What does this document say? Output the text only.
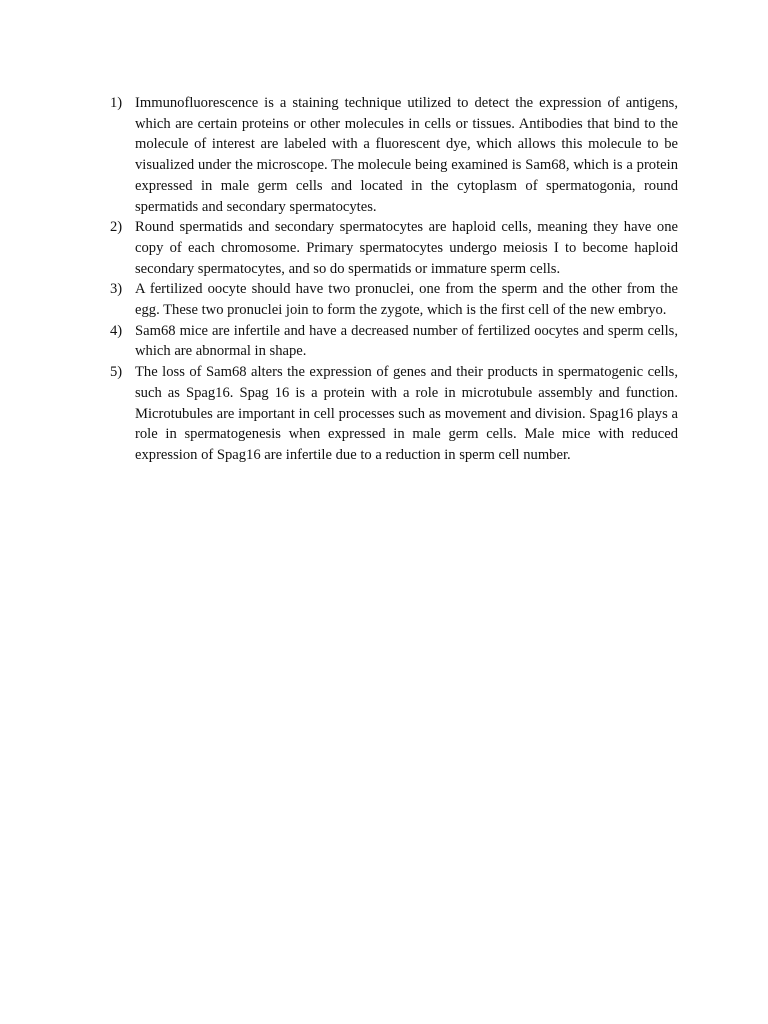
1) Immunofluorescence is a staining technique utilized to detect the expression of antigens, which are certain proteins or other molecules in cells or tissues. Antibodies that bind to the molecule of interest are labeled with a fluorescent dye, which allows this molecule to be visualized under the microscope. The molecule being examined is Sam68, which is a protein expressed in male germ cells and located in the cytoplasm of spermatogonia, round spermatids and secondary spermatocytes.
2) Round spermatids and secondary spermatocytes are haploid cells, meaning they have one copy of each chromosome. Primary spermatocytes undergo meiosis I to become haploid secondary spermatocytes, and so do spermatids or immature sperm cells.
3) A fertilized oocyte should have two pronuclei, one from the sperm and the other from the egg. These two pronuclei join to form the zygote, which is the first cell of the new embryo.
4) Sam68 mice are infertile and have a decreased number of fertilized oocytes and sperm cells, which are abnormal in shape.
5) The loss of Sam68 alters the expression of genes and their products in spermatogenic cells, such as Spag16. Spag 16 is a protein with a role in microtubule assembly and function. Microtubules are important in cell processes such as movement and division. Spag16 plays a role in spermatogenesis when expressed in male germ cells. Male mice with reduced expression of Spag16 are infertile due to a reduction in sperm cell number.
